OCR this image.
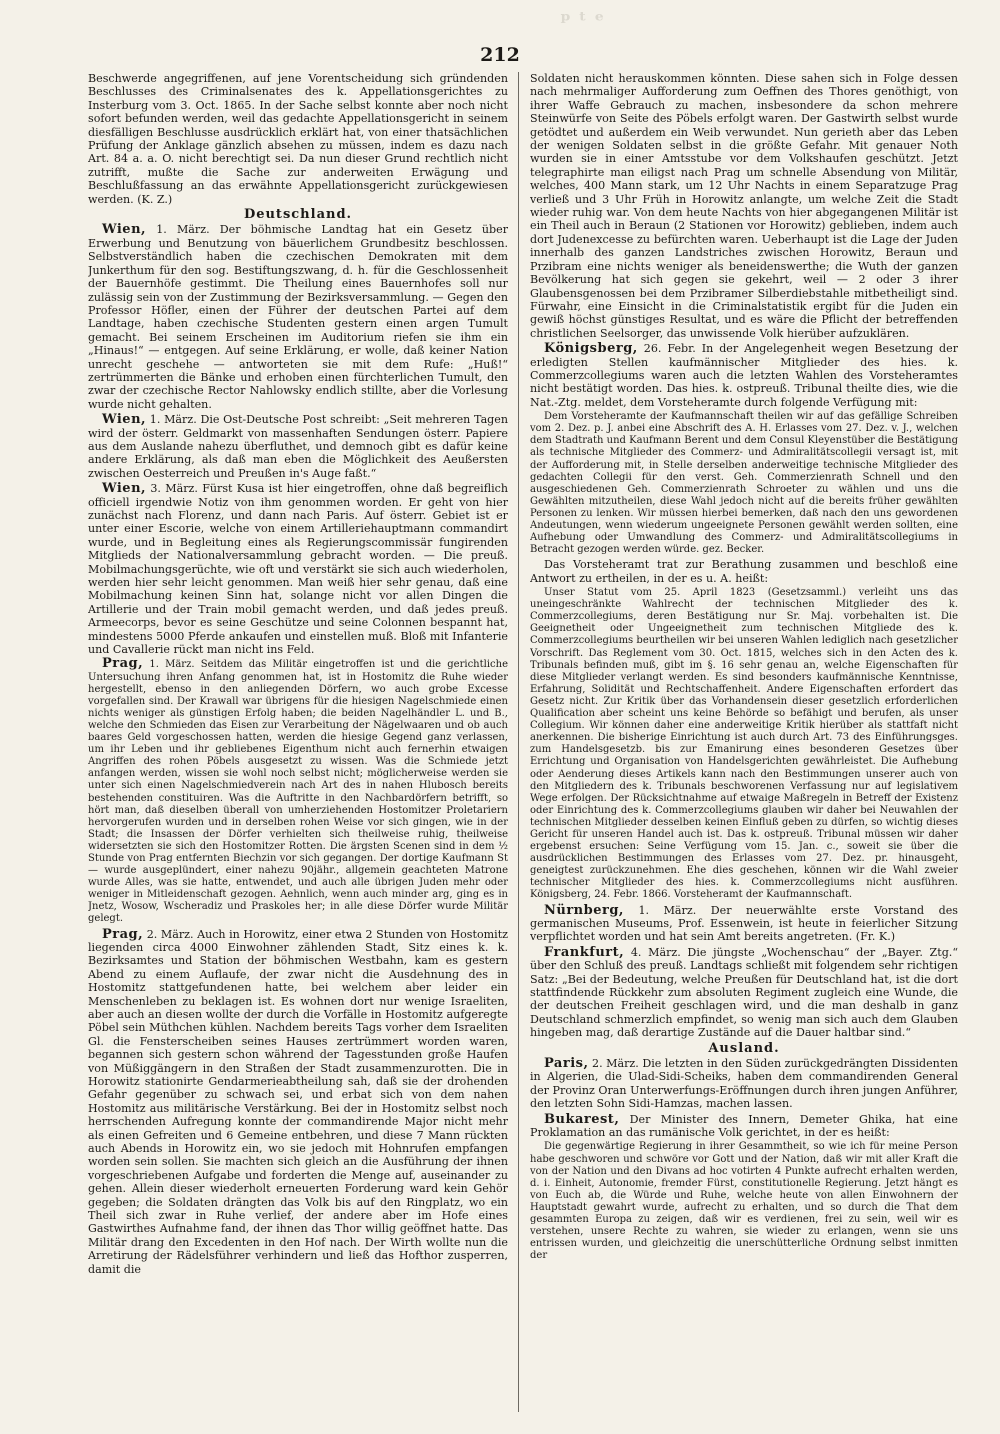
ᵖ ᵗ ᵉ
212

Beschwerde angegriffenen, auf jene Vorentscheidung sich gründenden Beschlusses des Criminalsenates des k. Appellationsgerichtes zu Insterburg vom 3. Oct. 1865. In der Sache selbst konnte aber noch nicht sofort befunden werden, weil das gedachte Appellationsgericht in seinem diesfälligen Beschlusse ausdrücklich erklärt hat, von einer thatsächlichen Prüfung der Anklage gänzlich absehen zu müssen, indem es dazu nach Art. 84 a. a. O. nicht berechtigt sei. Da nun dieser Grund rechtlich nicht zutrifft, mußte die Sache zur anderweiten Erwägung und Beschlußfassung an das erwähnte Appellationsgericht zurückgewiesen werden. (K. Z.)

Deutschland.

Wien, 1. März. Der böhmische Landtag hat ein Gesetz über Erwerbung und Benutzung von bäuerlichem Grundbesitz beschlossen. Selbstverständlich haben die czechischen Demokraten mit dem Junkerthum für den sog. Bestiftungszwang, d. h. für die Geschlossenheit der Bauernhöfe gestimmt. Die Theilung eines Bauernhofes soll nur zulässig sein von der Zustimmung der Bezirksversammlung. — Gegen den Professor Höfler, einen der Führer der deutschen Partei auf dem Landtage, haben czechische Studenten gestern einen argen Tumult gemacht. Bei seinem Erscheinen im Auditorium riefen sie ihm ein „Hinaus!“ — entgegen. Auf seine Erklärung, er wolle, daß keiner Nation unrecht geschehe — antworteten sie mit dem Rufe: „Huß!“ zertrümmerten die Bänke und erhoben einen fürchterlichen Tumult, den zwar der czechische Rector Nahlowsky endlich stillte, aber die Vorlesung wurde nicht gehalten.

Wien, 1. März. Die Ost-Deutsche Post schreibt: „Seit mehreren Tagen wird der österr. Geldmarkt von massenhaften Sendungen österr. Papiere aus dem Auslande nahezu überfluthet, und demnoch gibt es dafür keine andere Erklärung, als daß man eben die Möglichkeit des Aeußersten zwischen Oesterreich und Preußen in's Auge faßt.“

Wien, 3. März. Fürst Kusa ist hier eingetroffen, ohne daß begreiflich officiell irgendwie Notiz von ihm genommen worden. Er geht von hier zunächst nach Florenz, und dann nach Paris. Auf österr. Gebiet ist er unter einer Escorie, welche von einem Artilleriehauptmann commandirt wurde, und in Begleitung eines als Regierungscommissär fungirenden Mitglieds der Nationalversammlung gebracht worden. — Die preuß. Mobilmachungsgerüchte, wie oft und verstärkt sie sich auch wiederholen, werden hier sehr leicht genommen. Man weiß hier sehr genau, daß eine Mobilmachung keinen Sinn hat, solange nicht vor allen Dingen die Artillerie und der Train mobil gemacht werden, und daß jedes preuß. Armeecorps, bevor es seine Geschütze und seine Colonnen bespannt hat, mindestens 5000 Pferde ankaufen und einstellen muß. Bloß mit Infanterie und Cavallerie rückt man nicht ins Feld.

Prag, 1. März. Seitdem das Militär eingetroffen ist und die gerichtliche Untersuchung ihren Anfang genommen hat, ist in Hostomitz die Ruhe wieder hergestellt, ebenso in den anliegenden Dörfern, wo auch grobe Excesse vorgefallen sind. Der Krawall war übrigens für die hiesigen Nagelschmiede einen nichts weniger als günstigen Erfolg haben; die beiden Nagelhändler L. und B., welche den Schmieden das Eisen zur Verarbeitung der Nägelwaaren und ob auch baares Geld vorgeschossen hatten, werden die hiesige Gegend ganz verlassen, um ihr Leben und ihr gebliebenes Eigenthum nicht auch fernerhin etwaigen Angriffen des rohen Pöbels ausgesetzt zu wissen. Was die Schmiede jetzt anfangen werden, wissen sie wohl noch selbst nicht; möglicherweise werden sie unter sich einen Nagelschmiedverein nach Art des in nahen Hlubosch bereits bestehenden constituiren. Was die Auftritte in den Nachbardörfern betrifft, so hört man, daß dieselben überall von umherziehenden Hostomitzer Proletariern hervorgerufen wurden und in derselben rohen Weise vor sich gingen, wie in der Stadt; die Insassen der Dörfer verhielten sich theilweise ruhig, theilweise widersetzten sie sich den Hostomitzer Rotten. Die ärgsten Scenen sind in dem ½ Stunde von Prag entfernten Biechzin vor sich gegangen. Der dortige Kaufmann St— wurde ausgeplündert, einer nahezu 90jähr., allgemein geachteten Matrone wurde Alles, was sie hatte, entwendet, und auch alle übrigen Juden mehr oder weniger in Mitleidenschaft gezogen. Aehnlich, wenn auch minder arg, ging es in Jnetz, Wosow, Wscheradiz und Praskoles her; in alle diese Dörfer wurde Militär gelegt.

Prag, 2. März. Auch in Horowitz, einer etwa 2 Stunden von Hostomitz liegenden circa 4000 Einwohner zählenden Stadt, Sitz eines k. k. Bezirksamtes und Station der böhmischen Westbahn, kam es gestern Abend zu einem Auflaufe, der zwar nicht die Ausdehnung des in Hostomitz stattgefundenen hatte, bei welchem aber leider ein Menschenleben zu beklagen ist. Es wohnen dort nur wenige Israeliten, aber auch an diesen wollte der durch die Vorfälle in Hostomitz aufgeregte Pöbel sein Müthchen kühlen. Nachdem bereits Tags vorher dem Israeliten Gl. die Fensterscheiben seines Hauses zertrümmert worden waren, begannen sich gestern schon während der Tagesstunden große Haufen von Müßiggängern in den Straßen der Stadt zusammenzurotten. Die in Horowitz stationirte Gendarmerieabtheilung sah, daß sie der drohenden Gefahr gegenüber zu schwach sei, und erbat sich von dem nahen Hostomitz aus militärische Verstärkung. Bei der in Hostomitz selbst noch herrschenden Aufregung konnte der commandirende Major nicht mehr als einen Gefreiten und 6 Gemeine entbehren, und diese 7 Mann rückten auch Abends in Horowitz ein, wo sie jedoch mit Hohnrufen empfangen worden sein sollen. Sie machten sich gleich an die Ausführung der ihnen vorgeschriebenen Aufgabe und forderten die Menge auf, auseinander zu gehen. Allein dieser wiederholt erneuerten Forderung ward kein Gehör gegeben; die Soldaten drängten das Volk bis auf den Ringplatz, wo ein Theil sich zwar in Ruhe verlief, der andere aber im Hofe eines Gastwirthes Aufnahme fand, der ihnen das Thor willig geöffnet hatte. Das Militär drang den Excedenten in den Hof nach. Der Wirth wollte nun die Arretirung der Rädelsführer verhindern und ließ das Hofthor zusperren, damit die

Soldaten nicht herauskommen könnten. Diese sahen sich in Folge dessen nach mehrmaliger Aufforderung zum Oeffnen des Thores genöthigt, von ihrer Waffe Gebrauch zu machen, insbesondere da schon mehrere Steinwürfe von Seite des Pöbels erfolgt waren. Der Gastwirth selbst wurde getödtet und außerdem ein Weib verwundet. Nun gerieth aber das Leben der wenigen Soldaten selbst in die größte Gefahr. Mit genauer Noth wurden sie in einer Amtsstube vor dem Volkshaufen geschützt. Jetzt telegraphirte man eiligst nach Prag um schnelle Absendung von Militär, welches, 400 Mann stark, um 12 Uhr Nachts in einem Separatzuge Prag verließ und 3 Uhr Früh in Horowitz anlangte, um welche Zeit die Stadt wieder ruhig war. Von dem heute Nachts von hier abgegangenen Militär ist ein Theil auch in Beraun (2 Stationen vor Horowitz) geblieben, indem auch dort Judenexcesse zu befürchten waren. Ueberhaupt ist die Lage der Juden innerhalb des ganzen Landstriches zwischen Horowitz, Beraun und Przibram eine nichts weniger als beneidenswerthe; die Wuth der ganzen Bevölkerung hat sich gegen sie gekehrt, weil — 2 oder 3 ihrer Glaubensgenossen bei dem Przibramer Silberdiebstahle mitbetheiligt sind. Fürwahr, eine Einsicht in die Criminalstatistik ergibt für die Juden ein gewiß höchst günstiges Resultat, und es wäre die Pflicht der betreffenden christlichen Seelsorger, das unwissende Volk hierüber aufzuklären.

Königsberg, 26. Febr. In der Angelegenheit wegen Besetzung der erledigten Stellen kaufmännischer Mitglieder des hies. k. Commerzcollegiums waren auch die letzten Wahlen des Vorsteheramtes nicht bestätigt worden. Das hies. k. ostpreuß. Tribunal theilte dies, wie die Nat.-Ztg. meldet, dem Vorsteheramte durch folgende Verfügung mit:

Dem Vorsteheramte der Kaufmannschaft theilen wir auf das gefällige Schreiben vom 2. Dez. p. J. anbei eine Abschrift des A. H. Erlasses vom 27. Dez. v. J., welchen dem Stadtrath und Kaufmann Berent und dem Consul Kleyenstüber die Bestätigung als technische Mitglieder des Commerz- und Admiralitätscollegii versagt ist, mit der Aufforderung mit, in Stelle derselben anderweitige technische Mitglieder des gedachten Collegii für den verst. Geh. Commerzienrath Schnell und den ausgeschiedenen Geh. Commerzienrath Schroeter zu wählen und uns die Gewählten mitzutheilen, diese Wahl jedoch nicht auf die bereits früher gewählten Personen zu lenken. Wir müssen hierbei bemerken, daß nach den uns gewordenen Andeutungen, wenn wiederum ungeeignete Personen gewählt werden sollten, eine Aufhebung oder Umwandlung des Commerz- und Admiralitätscollegiums in Betracht gezogen werden würde. gez. Becker.

Das Vorsteheramt trat zur Berathung zusammen und beschloß eine Antwort zu ertheilen, in der es u. A. heißt:

Unser Statut vom 25. April 1823 (Gesetzsamml.) verleiht uns das uneingeschränkte Wahlrecht der technischen Mitglieder des k. Commerzcollegiums, deren Bestätigung nur Sr. Maj. vorbehalten ist. Die Geeignetheit oder Ungeeignetheit zum technischen Mitgliede des k. Commerzcollegiums beurtheilen wir bei unseren Wahlen lediglich nach gesetzlicher Vorschrift. Das Reglement vom 30. Oct. 1815, welches sich in den Acten des k. Tribunals befinden muß, gibt im §. 16 sehr genau an, welche Eigenschaften für diese Mitglieder verlangt werden. Es sind besonders kaufmännische Kenntnisse, Erfahrung, Solidität und Rechtschaffenheit. Andere Eigenschaften erfordert das Gesetz nicht. Zur Kritik über das Vorhandensein dieser gesetzlich erforderlichen Qualification aber scheint uns keine Behörde so befähigt und berufen, als unser Collegium. Wir können daher eine anderweitige Kritik hierüber als stattfaft nicht anerkennen. Die bisherige Einrichtung ist auch durch Art. 73 des Einführungsges. zum Handelsgesetzb. bis zur Emanirung eines besonderen Gesetzes über Errichtung und Organisation von Handelsgerichten gewährleistet. Die Aufhebung oder Aenderung dieses Artikels kann nach den Bestimmungen unserer auch von den Mitgliedern des k. Tribunals beschworenen Verfassung nur auf legislativem Wege erfolgen. Der Rücksichtnahme auf etwaige Maßregeln in Betreff der Existenz oder Einrichtung des k. Commerzcollegiums glauben wir daher bei Neuwahlen der technischen Mitglieder desselben keinen Einfluß geben zu dürfen, so wichtig dieses Gericht für unseren Handel auch ist. Das k. ostpreuß. Tribunal müssen wir daher ergebenst ersuchen: Seine Verfügung vom 15. Jan. c., soweit sie über die ausdrücklichen Bestimmungen des Erlasses vom 27. Dez. pr. hinausgeht, geneigtest zurückzunehmen. Ehe dies geschehen, können wir die Wahl zweier technischer Mitglieder des hies. k. Commerzcollegiums nicht ausführen. Königsberg, 24. Febr. 1866. Vorsteheramt der Kaufmannschaft.

Nürnberg, 1. März. Der neuerwählte erste Vorstand des germanischen Museums, Prof. Essenwein, ist heute in feierlicher Sitzung verpflichtet worden und hat sein Amt bereits angetreten. (Fr. K.)

Frankfurt, 4. März. Die jüngste „Wochenschau“ der „Bayer. Ztg.“ über den Schluß des preuß. Landtags schließt mit folgendem sehr richtigen Satz: „Bei der Bedeutung, welche Preußen für Deutschland hat, ist die dort stattfindende Rückkehr zum absoluten Regiment zugleich eine Wunde, die der deutschen Freiheit geschlagen wird, und die man deshalb in ganz Deutschland schmerzlich empfindet, so wenig man sich auch dem Glauben hingeben mag, daß derartige Zustände auf die Dauer haltbar sind.“

Ausland.

Paris, 2. März. Die letzten in den Süden zurückgedrängten Dissidenten in Algerien, die Ulad-Sidi-Scheiks, haben dem commandirenden General der Provinz Oran Unterwerfungs-Eröffnungen durch ihren jungen Anführer, den letzten Sohn Sidi-Hamzas, machen lassen.

Bukarest, Der Minister des Innern, Demeter Ghika, hat eine Proklamation an das rumänische Volk gerichtet, in der es heißt:

Die gegenwärtige Regierung in ihrer Gesammtheit, so wie ich für meine Person habe geschworen und schwöre vor Gott und der Nation, daß wir mit aller Kraft die von der Nation und den Divans ad hoc votirten 4 Punkte aufrecht erhalten werden, d. i. Einheit, Autonomie, fremder Fürst, constitutionelle Regierung. Jetzt hängt es von Euch ab, die Würde und Ruhe, welche heute von allen Einwohnern der Hauptstadt gewahrt wurde, aufrecht zu erhalten, und so durch die That dem gesammten Europa zu zeigen, daß wir es verdienen, frei zu sein, weil wir es verstehen, unsere Rechte zu wahren, sie wieder zu erlangen, wenn sie uns entrissen wurden, und gleichzeitig die unerschütterliche Ordnung selbst inmitten der
